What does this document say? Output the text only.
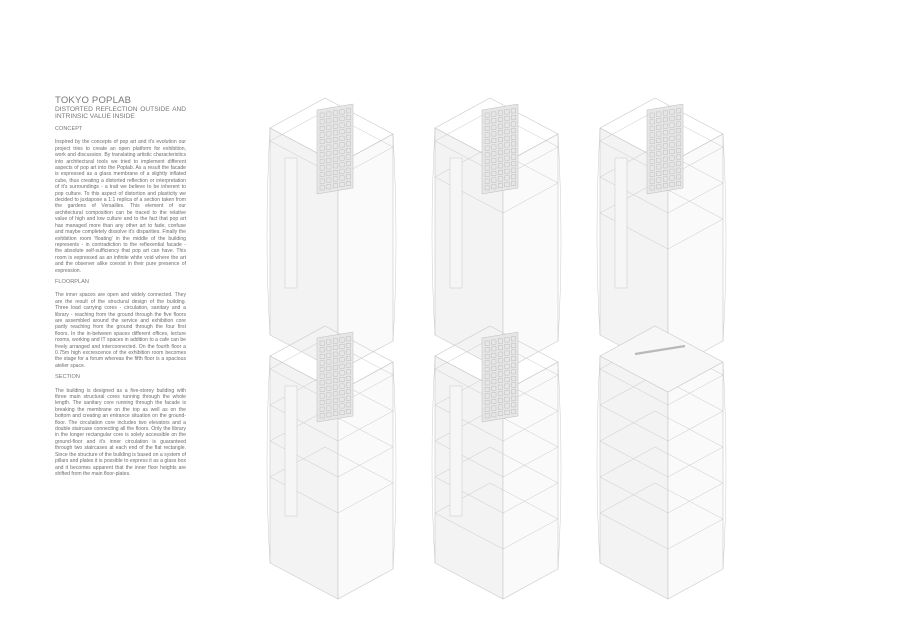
TOKYO POPLAB
DISTORTED REFLECTION OUTSIDE AND
INTRINSIC VALUE INSIDE
CONCEPT
Inspired by the concepts of pop art and it's evolution our project tries to create an open platform for exhibition, work and discussion. By translating artistic characteristics into architectural tools we tried to implement different aspects of pop art into the Poplab. As a result the facade is expressed as a glass membrane of a slightly inflated cube, thus creating a distorted reflection or interpretation of it's surroundings - a trait we believe to be inherent to pop culture. To this aspect of distortion and plasticity we decided to juxtapose a 1:1 replica of a section taken from the gardens of Versailles. This element of our architectural composition can be traced to the relative value of high and low culture and to the fact that pop art has managed more than any other art to fade, confuse and maybe completely dissolve it's disparities. Finally the exhibition room 'floating' in the middle of the building represents - in contradiction to the reflexential facade - the absolute self-sufficiency that pop art can have. This room is expressed as an infinite white void where the art and the observer alike coexist in their pure presence of expression.
FLOORPLAN
The inner spaces are open and widely connected. They are the result of the structural design of the building. Three load carrying cores - circulation, sanitary and a library - reaching from the ground through the five floors are assembled around the service and exhibition core partly reaching from the ground through the four first floors. In the in-between spaces different offices, lecture rooms, working and IT spaces in addition to a cafe can be freely arranged and interconnected. On the fourth floor a 0.75m high excrescence of the exhibition room becomes the stage for a forum whereas the fifth floor is a spacious atelier space.
SECTION
The building is designed as a five-storey building with three main structural cores running through the whole length. The sanitary core running through the facade is breaking the membrane on the top as well as on the bottom and creating an entrance situation on the ground-floor. The circulation core includes two elevators and a double staircase connecting all the floors. Only the library in the longer rectangular core is solely accessible on the ground-floor and it's inner circulation is guaranteed through two staircases at each end of the flat rectangle. Since the structure of the building is based on a system of pillars and plates it is possible to express it as a glass box and it becomes apparent that the inner floor heights are shifted from the main floor-plates.
